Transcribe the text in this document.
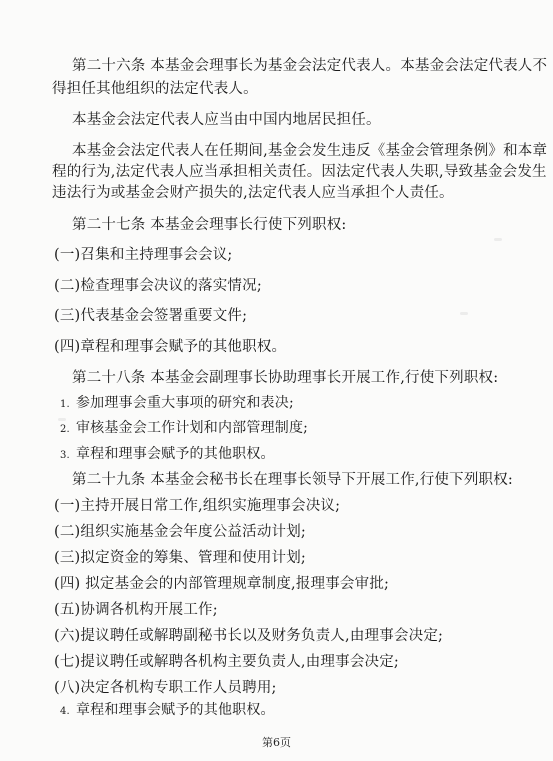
第二十六条 本基金会理事长为基金会法定代表人。本基金会法定代表人不
得担任其他组织的法定代表人。
本基金会法定代表人应当由中国内地居民担任。
本基金会法定代表人在任期间,基金会发生违反《基金会管理条例》和本章
程的行为,法定代表人应当承担相关责任。因法定代表人失职,导致基金会发生
违法行为或基金会财产损失的,法定代表人应当承担个人责任。
第二十七条 本基金会理事长行使下列职权:
(一)召集和主持理事会会议;
(二)检查理事会决议的落实情况;
(三)代表基金会签署重要文件;
(四)章程和理事会赋予的其他职权。
第二十八条 本基金会副理事长协助理事长开展工作,行使下列职权:
1. 参加理事会重大事项的研究和表决;
2. 审核基金会工作计划和内部管理制度;
3. 章程和理事会赋予的其他职权。
第二十九条 本基金会秘书长在理事长领导下开展工作,行使下列职权:
(一)主持开展日常工作,组织实施理事会决议;
(二)组织实施基金会年度公益活动计划;
(三)拟定资金的筹集、管理和使用计划;
(四) 拟定基金会的内部管理规章制度,报理事会审批;
(五)协调各机构开展工作;
(六)提议聘任或解聘副秘书长以及财务负责人,由理事会决定;
(七)提议聘任或解聘各机构主要负责人,由理事会决定;
(八)决定各机构专职工作人员聘用;
4. 章程和理事会赋予的其他职权。
第6页
